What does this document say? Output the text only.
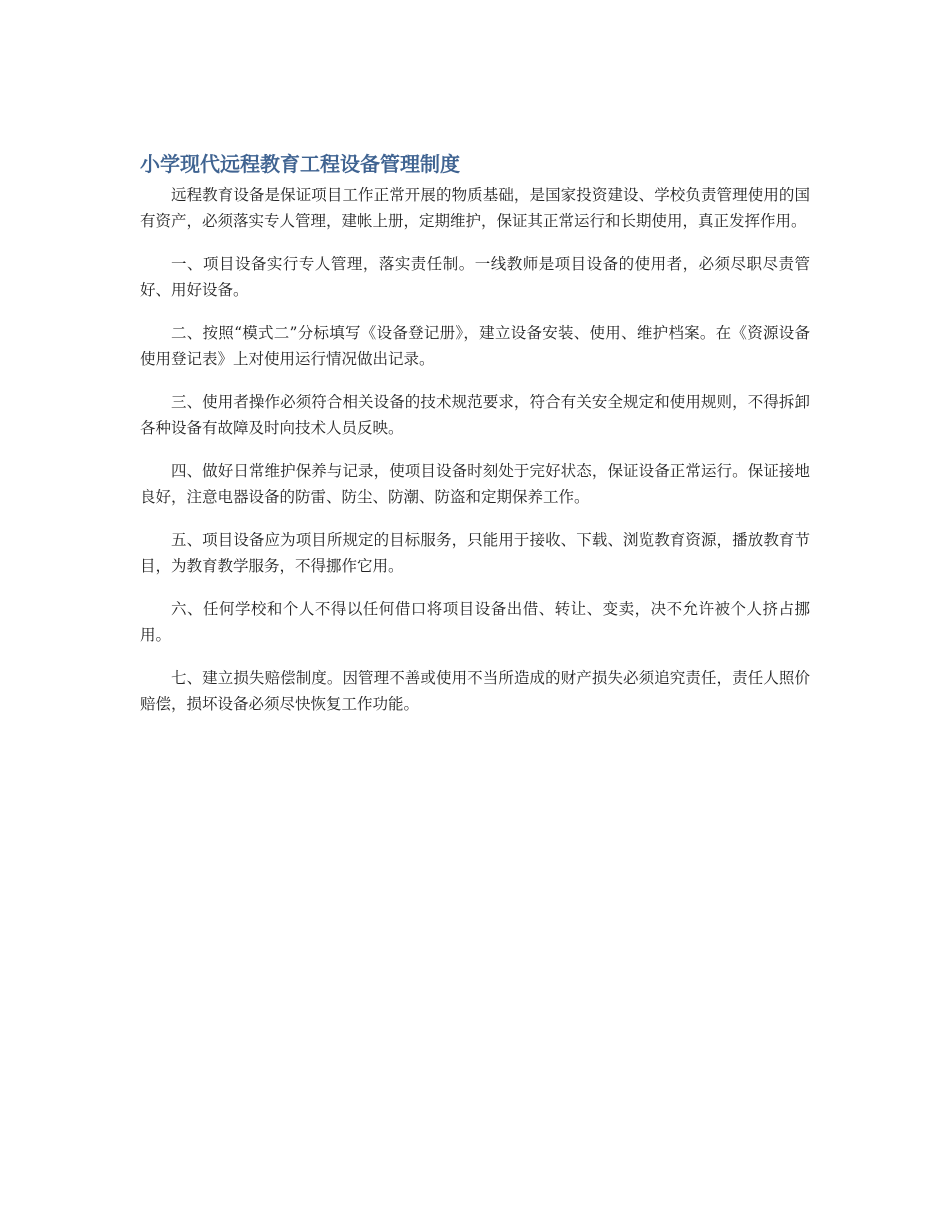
小学现代远程教育工程设备管理制度

远程教育设备是保证项目工作正常开展的物质基础，是国家投资建设、学校负责管理使用的国有资产，必须落实专人管理，建帐上册，定期维护，保证其正常运行和长期使用，真正发挥作用。

一、项目设备实行专人管理，落实责任制。一线教师是项目设备的使用者，必须尽职尽责管好、用好设备。

二、按照“模式二”分标填写《设备登记册》，建立设备安装、使用、维护档案。在《资源设备使用登记表》上对使用运行情况做出记录。

三、使用者操作必须符合相关设备的技术规范要求，符合有关安全规定和使用规则，不得拆卸各种设备有故障及时向技术人员反映。

四、做好日常维护保养与记录，使项目设备时刻处于完好状态，保证设备正常运行。保证接地良好，注意电器设备的防雷、防尘、防潮、防盗和定期保养工作。

五、项目设备应为项目所规定的目标服务，只能用于接收、下载、浏览教育资源，播放教育节目，为教育教学服务，不得挪作它用。

六、任何学校和个人不得以任何借口将项目设备出借、转让、变卖，决不允许被个人挤占挪用。

七、建立损失赔偿制度。因管理不善或使用不当所造成的财产损失必须追究责任，责任人照价赔偿，损坏设备必须尽快恢复工作功能。
